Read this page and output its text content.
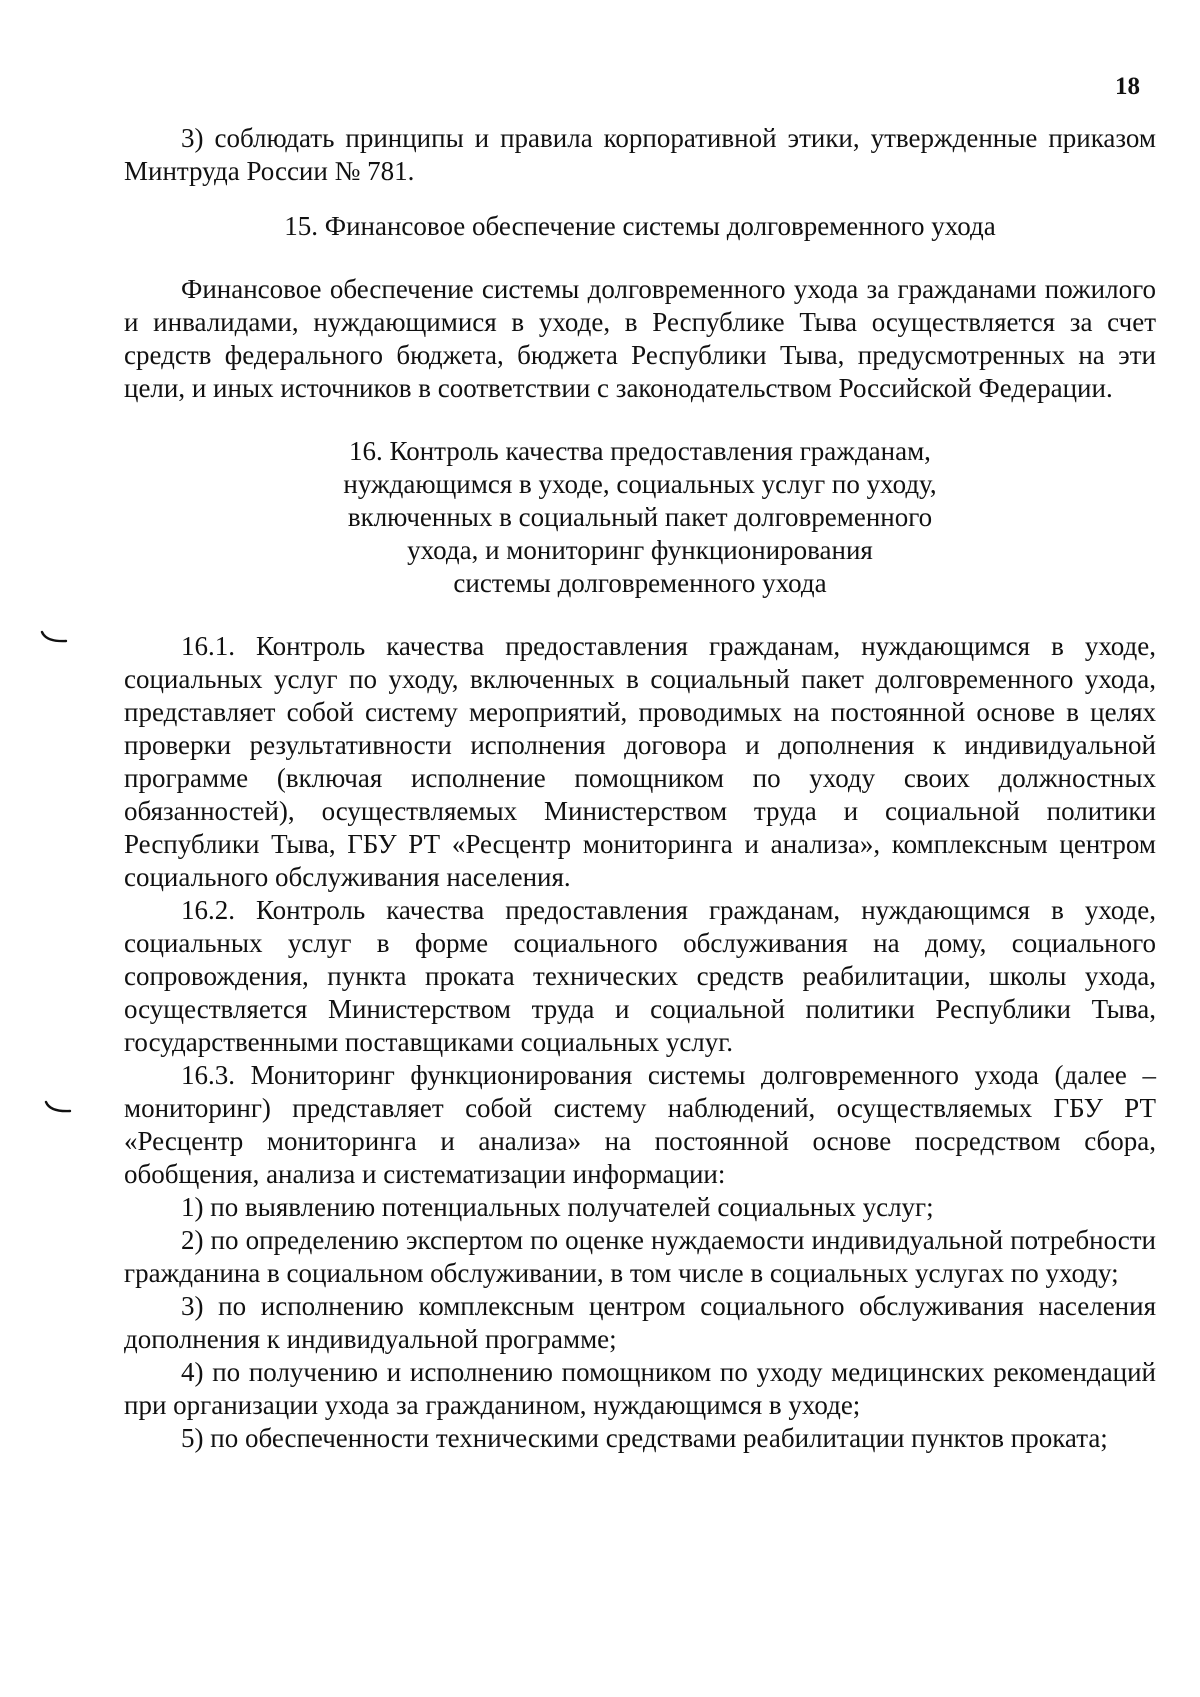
18

3) соблюдать принципы и правила корпоративной этики, утвержденные приказом Минтруда России № 781.

15. Финансовое обеспечение системы долговременного ухода

Финансовое обеспечение системы долговременного ухода за гражданами пожилого и инвалидами, нуждающимися в уходе, в Республике Тыва осуществляется за счет средств федерального бюджета, бюджета Республики Тыва, предусмотренных на эти цели, и иных источников в соответствии с законодательством Российской Федерации.

16. Контроль качества предоставления гражданам,
нуждающимся в уходе, социальных услуг по уходу,
включенных в социальный пакет долговременного
ухода, и мониторинг функционирования
системы долговременного ухода

16.1. Контроль качества предоставления гражданам, нуждающимся в уходе, социальных услуг по уходу, включенных в социальный пакет долговременного ухода, представляет собой систему мероприятий, проводимых на постоянной основе в целях проверки результативности исполнения договора и дополнения к индивидуальной программе (включая исполнение помощником по уходу своих должностных обязанностей), осуществляемых Министерством труда и социальной политики Республики Тыва, ГБУ РТ «Ресцентр мониторинга и анализа», комплексным центром социального обслуживания населения.

16.2. Контроль качества предоставления гражданам, нуждающимся в уходе, социальных услуг в форме социального обслуживания на дому, социального сопровождения, пункта проката технических средств реабилитации, школы ухода, осуществляется Министерством труда и социальной политики Республики Тыва, государственными поставщиками социальных услуг.

16.3. Мониторинг функционирования системы долговременного ухода (далее – мониторинг) представляет собой систему наблюдений, осуществляемых ГБУ РТ «Ресцентр мониторинга и анализа» на постоянной основе посредством сбора, обобщения, анализа и систематизации информации:

1) по выявлению потенциальных получателей социальных услуг;

2) по определению экспертом по оценке нуждаемости индивидуальной потребности гражданина в социальном обслуживании, в том числе в социальных услугах по уходу;

3) по исполнению комплексным центром социального обслуживания населения дополнения к индивидуальной программе;

4) по получению и исполнению помощником по уходу медицинских рекомендаций при организации ухода за гражданином, нуждающимся в уходе;

5) по обеспеченности техническими средствами реабилитации пунктов проката;
